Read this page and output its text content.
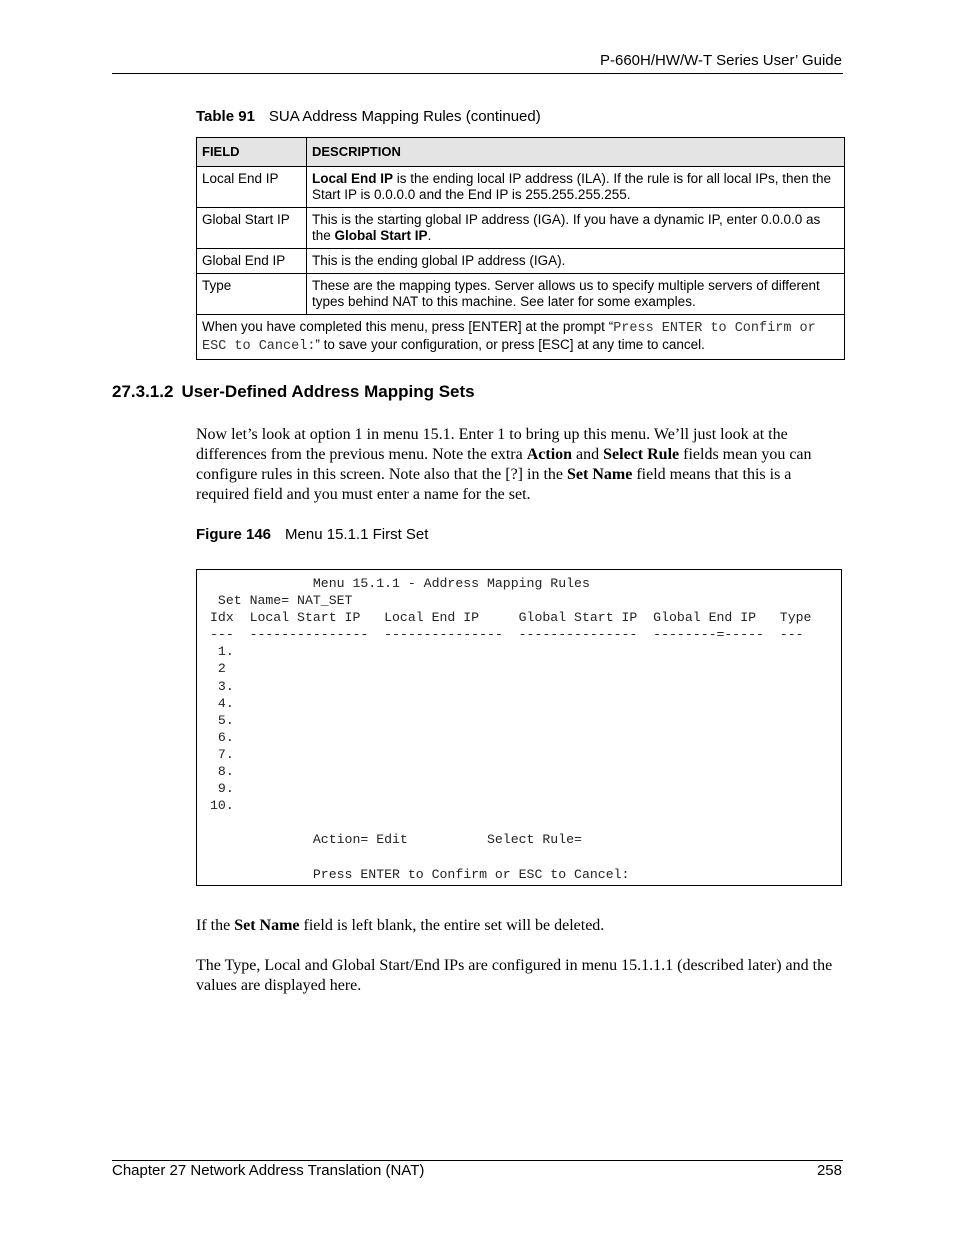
P-660H/HW/W-T Series User’ Guide
Table 91 SUA Address Mapping Rules (continued)
FIELD	DESCRIPTION
Local End IP	Local End IP is the ending local IP address (ILA). If the rule is for all local IPs, then the Start IP is 0.0.0.0 and the End IP is 255.255.255.255.
Global Start IP	This is the starting global IP address (IGA). If you have a dynamic IP, enter 0.0.0.0 as the Global Start IP.
Global End IP	This is the ending global IP address (IGA).
Type	These are the mapping types. Server allows us to specify multiple servers of different types behind NAT to this machine. See later for some examples.
When you have completed this menu, press [ENTER] at the prompt “Press ENTER to Confirm or ESC to Cancel:” to save your configuration, or press [ESC] at any time to cancel.	
27.3.1.2 User-Defined Address Mapping Sets
Now let’s look at option 1 in menu 15.1. Enter 1 to bring up this menu. We’ll just look at the differences from the previous menu. Note the extra Action and Select Rule fields mean you can configure rules in this screen. Note also that the [?] in the Set Name field means that this is a required field and you must enter a name for the set.
Figure 146 Menu 15.1.1 First Set
Menu 15.1.1 - Address Mapping Rules
Set Name= NAT_SET
Idx  Local Start IP   Local End IP     Global Start IP  Global End IP   Type
---  ---------------  ---------------  ---------------  --------=-----  ---
1.
2
3.
4.
5.
6.
7.
8.
9.
10.

Action= Edit          Select Rule=

Press ENTER to Confirm or ESC to Cancel:
If the Set Name field is left blank, the entire set will be deleted.
The Type, Local and Global Start/End IPs are configured in menu 15.1.1.1 (described later) and the values are displayed here.
Chapter 27 Network Address Translation (NAT)	258
